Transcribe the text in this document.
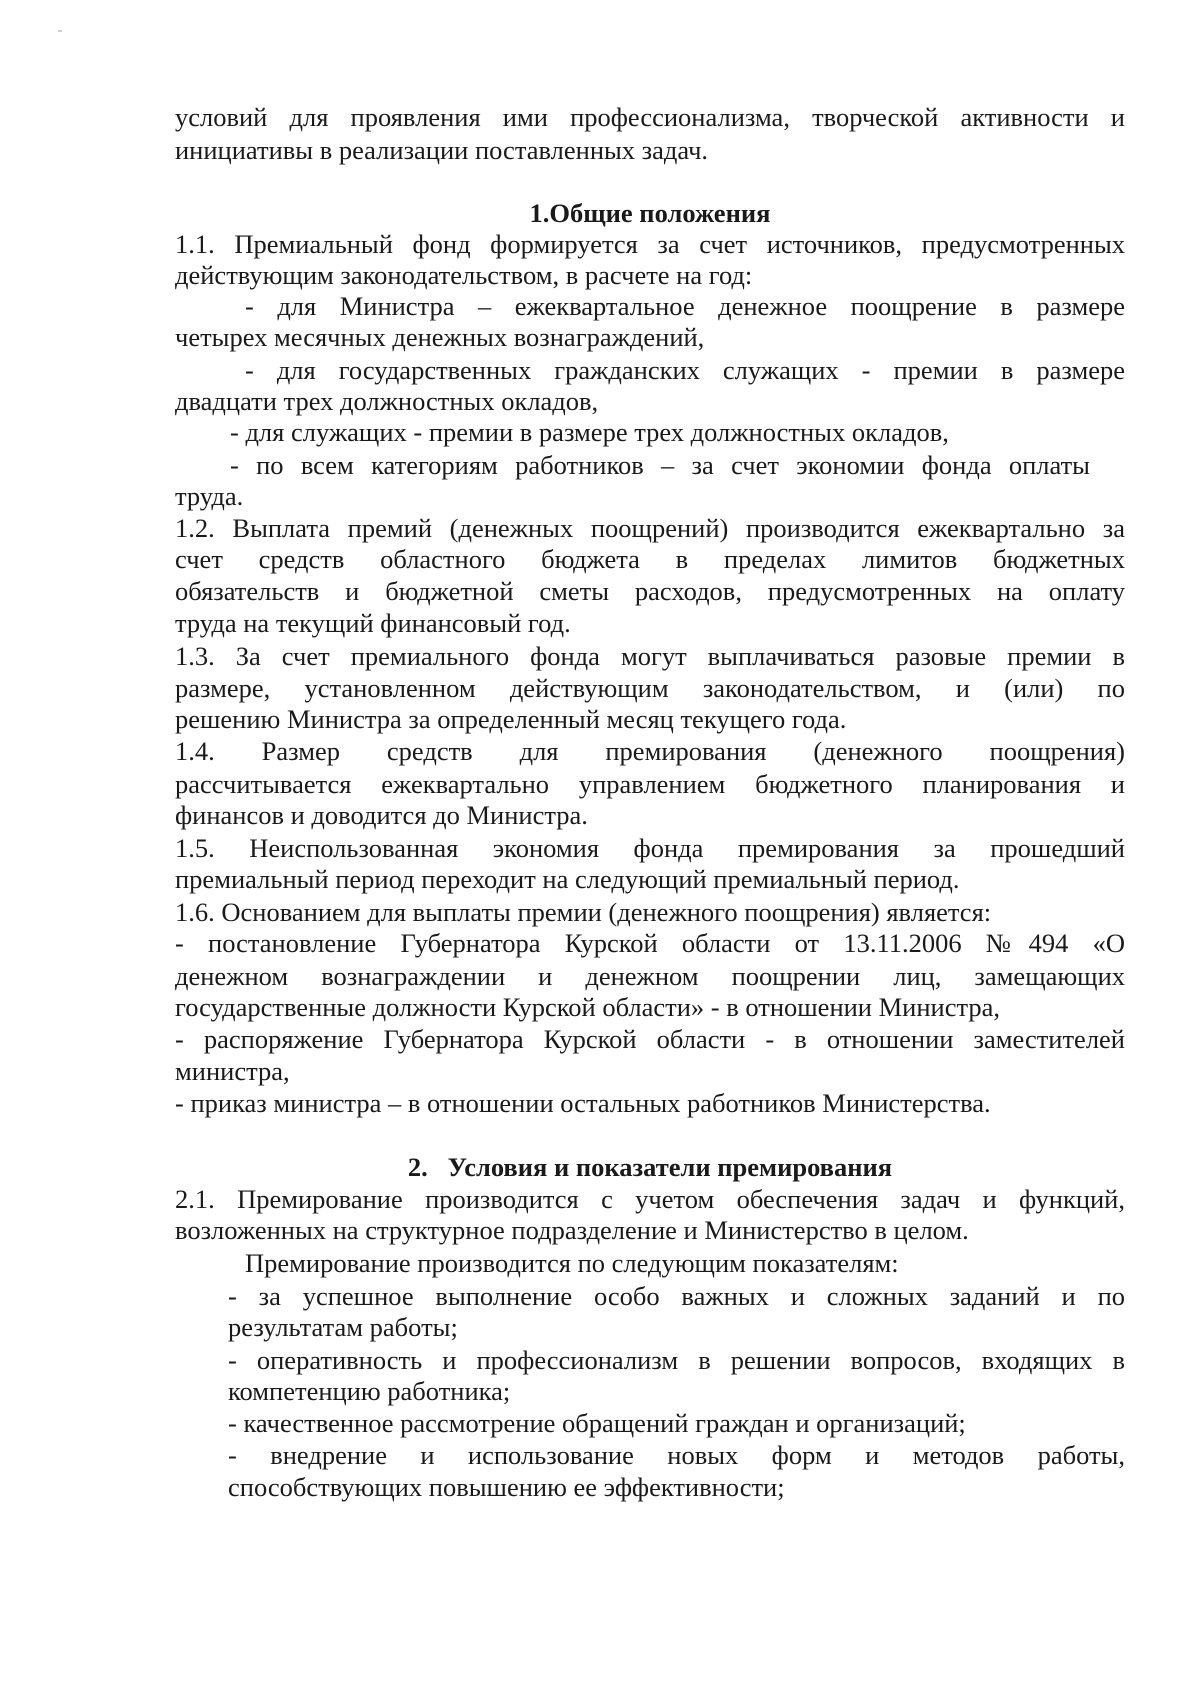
условий для проявления ими профессионализма, творческой активности и
инициативы в реализации поставленных задач.
1.Общие положения
1.1. Премиальный фонд формируется за счет источников, предусмотренных
действующим законодательством, в расчете на год:
- для Министра – ежеквартальное денежное поощрение в размере
четырех месячных денежных вознаграждений,
- для государственных гражданских служащих - премии в размере
двадцати трех должностных окладов,
- для служащих - премии в размере трех должностных окладов,
- по всем категориям работников – за счет экономии фонда оплаты
труда.
1.2. Выплата премий (денежных поощрений) производится ежеквартально за
счет средств областного бюджета в пределах лимитов бюджетных
обязательств и бюджетной сметы расходов, предусмотренных на оплату
труда на текущий финансовый год.
1.3. За счет премиального фонда могут выплачиваться разовые премии в
размере, установленном действующим законодательством, и (или) по
решению Министра за определенный месяц текущего года.
1.4. Размер средств для премирования (денежного поощрения)
рассчитывается ежеквартально управлением бюджетного планирования и
финансов и доводится до Министра.
1.5. Неиспользованная экономия фонда премирования за прошедший
премиальный период переходит на следующий премиальный период.
1.6. Основанием для выплаты премии (денежного поощрения) является:
- постановление Губернатора Курской области от 13.11.2006 №494 «О
денежном вознаграждении и денежном поощрении лиц, замещающих
государственные должности Курской области» - в отношении Министра,
- распоряжение Губернатора Курской области - в отношении заместителей
министра,
- приказ министра – в отношении остальных работников Министерства.
2.   Условия и показатели премирования
2.1. Премирование производится с учетом обеспечения задач и функций,
возложенных на структурное подразделение и Министерство в целом.
Премирование производится по следующим показателям:
- за успешное выполнение особо важных и сложных заданий и по
результатам работы;
- оперативность и профессионализм в решении вопросов, входящих в
компетенцию работника;
- качественное рассмотрение обращений граждан и организаций;
- внедрение и использование новых форм и методов работы,
способствующих повышению ее эффективности;
